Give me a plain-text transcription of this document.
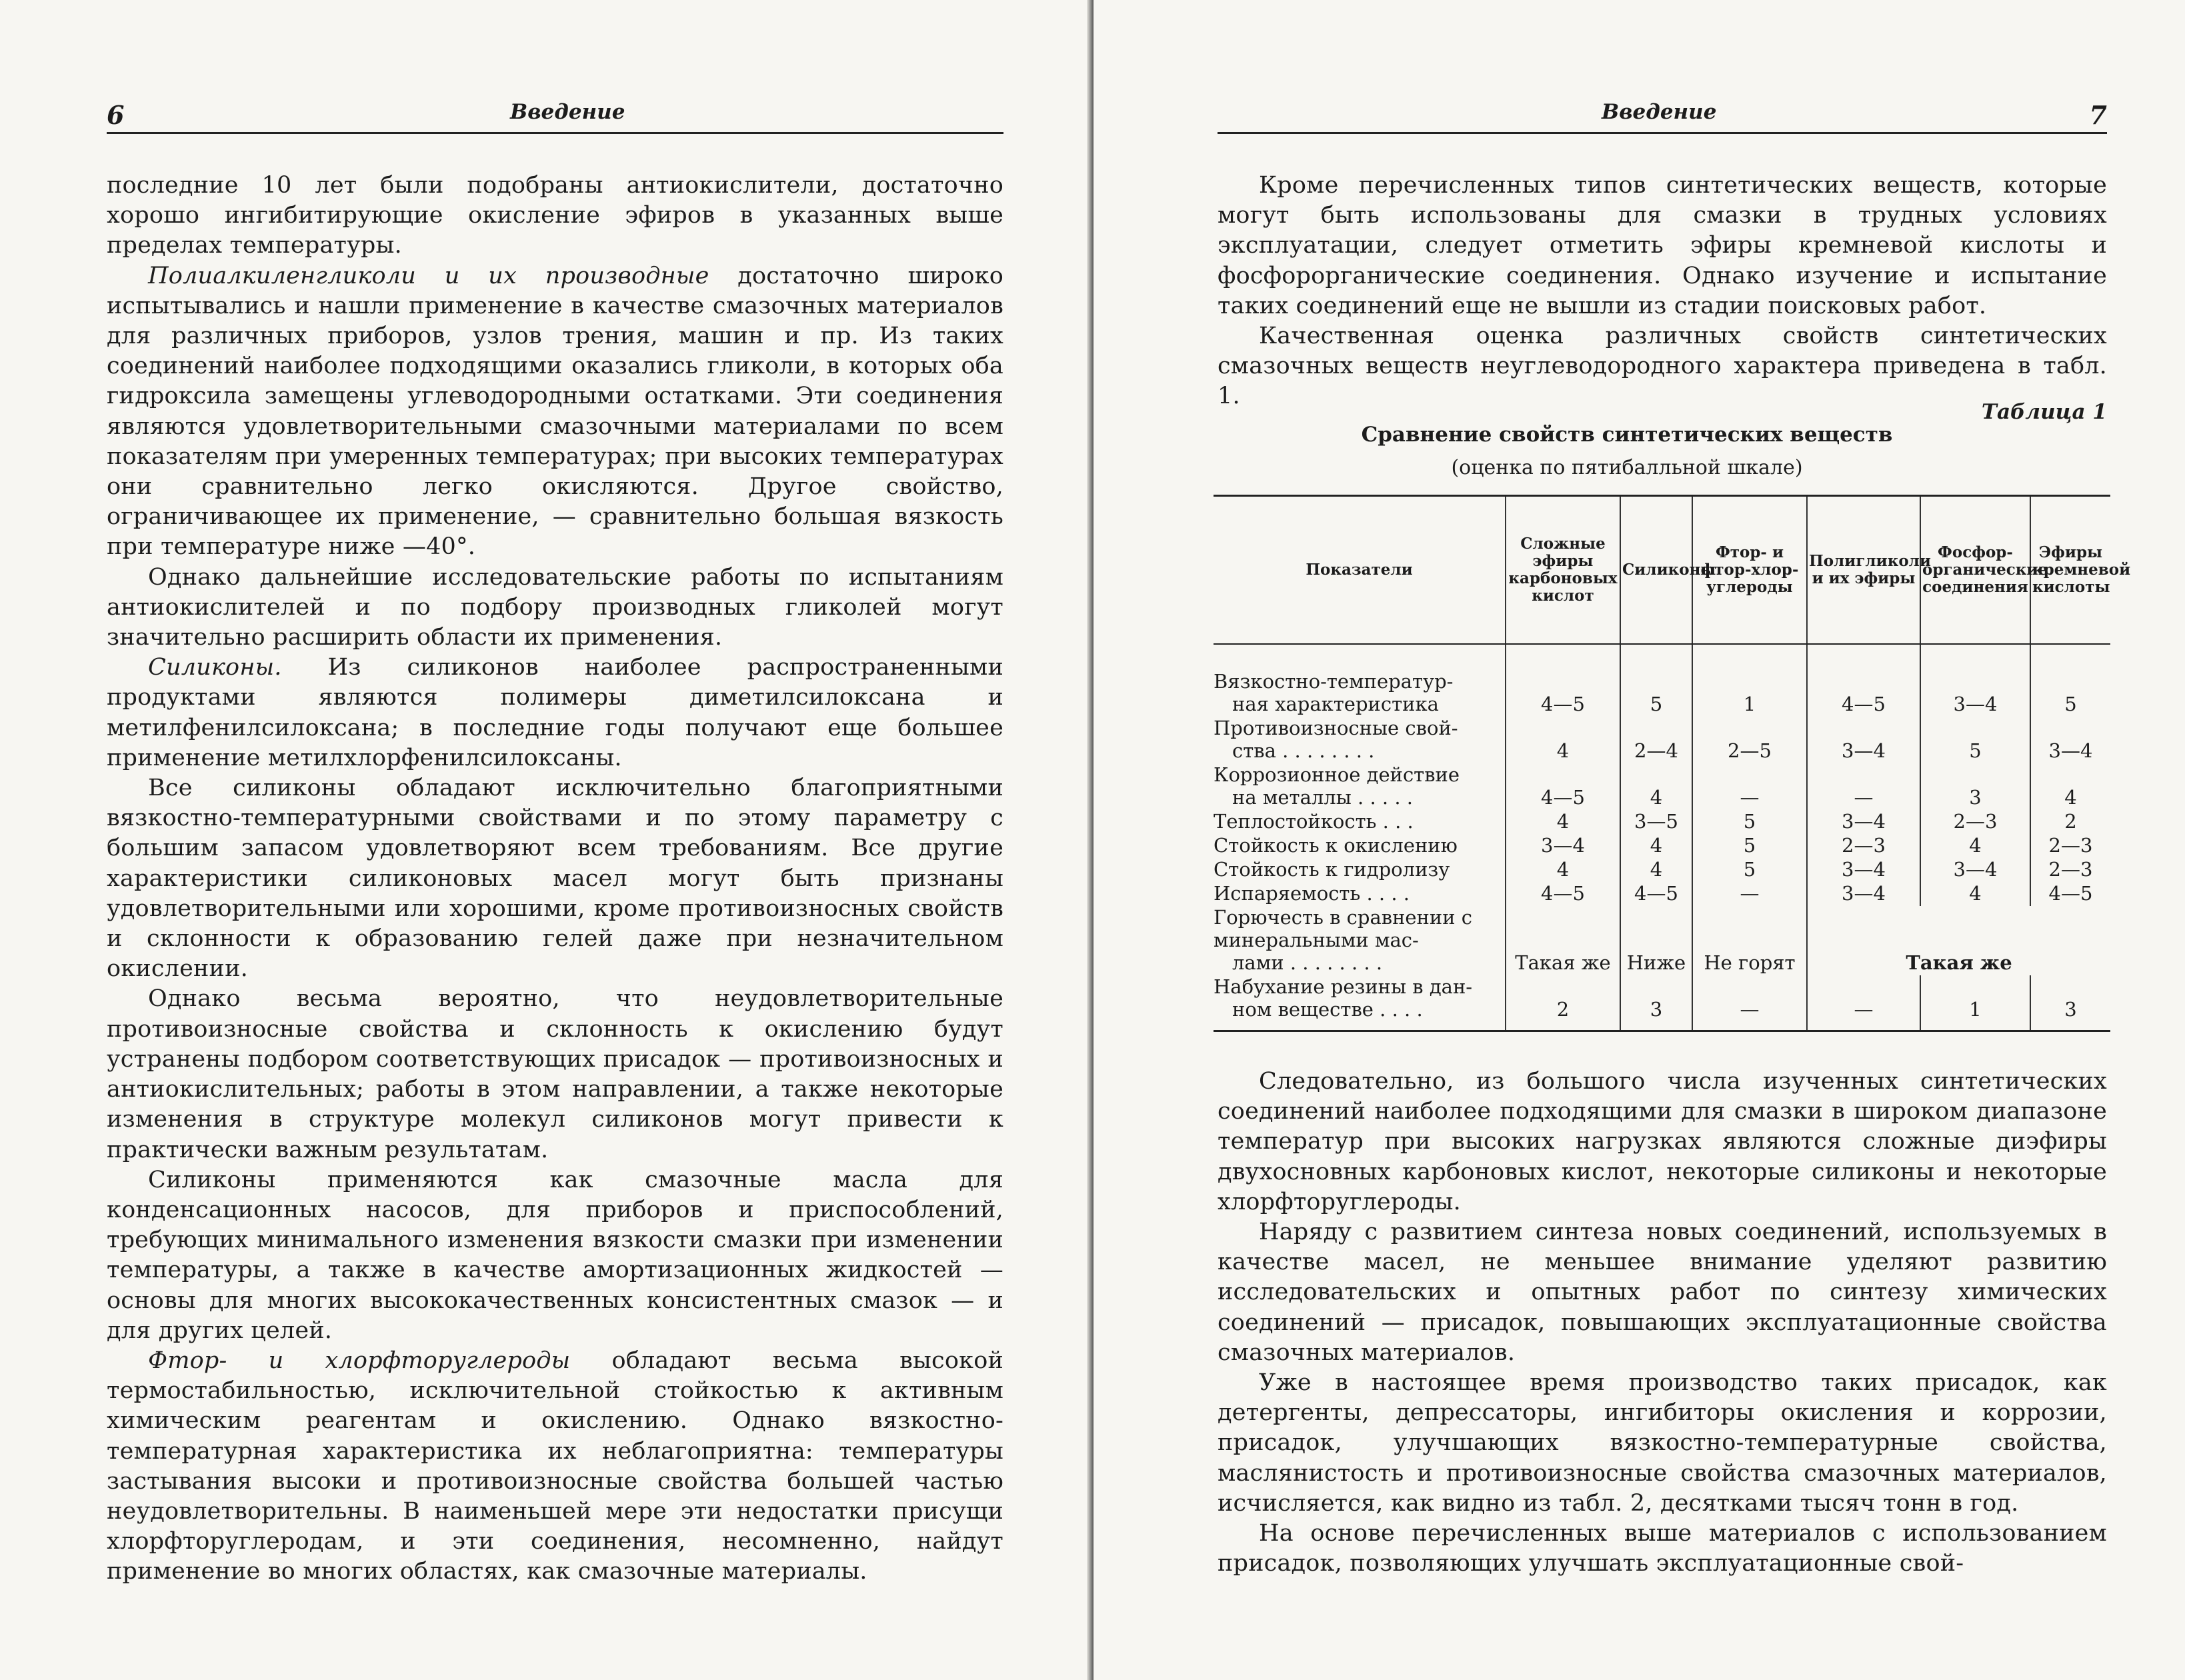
6	Введение

последние 10 лет были подобраны антиокислители, достаточно хорошо ингибитирующие окисление эфиров в указанных выше пределах температуры.

Полиалкиленгликоли и их производные достаточно широко испытывались и нашли применение в качестве смазочных материалов для различных приборов, узлов трения, машин и пр. Из таких соединений наиболее подходящими оказались гликоли, в которых оба гидроксила замещены углеводородными остатками. Эти соединения являются удовлетворительными смазочными материалами по всем показателям при умеренных температурах; при высоких температурах они сравнительно легко окисляются. Другое свойство, ограничивающее их применение, — сравнительно большая вязкость при температуре ниже —40°.

Однако дальнейшие исследовательские работы по испытаниям антиокислителей и по подбору производных гликолей могут значительно расширить области их применения.

Силиконы. Из силиконов наиболее распространенными продуктами являются полимеры диметилсилоксана и метилфенилсилоксана; в последние годы получают еще большее применение метилхлорфенилсилоксаны.

Все силиконы обладают исключительно благоприятными вязкостно-температурными свойствами и по этому параметру с большим запасом удовлетворяют всем требованиям. Все другие характеристики силиконовых масел могут быть признаны удовлетворительными или хорошими, кроме противоизносных свойств и склонности к образованию гелей даже при незначительном окислении.

Однако весьма вероятно, что неудовлетворительные противоизносные свойства и склонность к окислению будут устранены подбором соответствующих присадок — противоизносных и антиокислительных; работы в этом направлении, а также некоторые изменения в структуре молекул силиконов могут привести к практически важным результатам.

Силиконы применяются как смазочные масла для конденсационных насосов, для приборов и приспособлений, требующих минимального изменения вязкости смазки при изменении температуры, а также в качестве амортизационных жидкостей — основы для многих высококачественных консистентных смазок — и для других целей.

Фтор- и хлорфторуглероды обладают весьма высокой термостабильностью, исключительной стойкостью к активным химическим реагентам и окислению. Однако вязкостно-температурная характеристика их неблагоприятна: температуры застывания высоки и противоизносные свойства большей частью неудовлетворительны. В наименьшей мере эти недостатки присущи хлорфторуглеродам, и эти соединения, несомненно, найдут применение во многих областях, как смазочные материалы.

Введение	7

Кроме перечисленных типов синтетических веществ, которые могут быть использованы для смазки в трудных условиях эксплуатации, следует отметить эфиры кремневой кислоты и фосфорорганические соединения. Однако изучение и испытание таких соединений еще не вышли из стадии поисковых работ.

Качественная оценка различных свойств синтетических смазочных веществ неуглеводородного характера приведена в табл. 1.

Таблица 1
Сравнение свойств синтетических веществ
(оценка по пятибалльной шкале)
Показатели	Сложные эфиры карбоновых кислот	Силиконы	Фтор- и фтор-хлор-углероды	Полигликоли и их эфиры	Фосфор-органические соединения	Эфиры кремневой кислоты
Вязкостно-температур-
ная характеристика	4—5	5	1	4—5	3—4	5
Противоизносные свой-
ства . . . . . . . .	4	2—4	2—5	3—4	5	3—4
Коррозионное действие
на металлы . . . . .	4—5	4	—	—	3	4
Теплостойкость . . .	4	3—5	5	3—4	2—3	2
Стойкость к окислению	3—4	4	5	2—3	4	2—3
Стойкость к гидролизу	4	4	5	3—4	3—4	2—3
Испаряемость . . . .	4—5	4—5	—	3—4	4	4—5
Горючесть в сравнении с минеральными мас-
лами . . . . . . . .	Такая же	Ниже	Не горят	Такая же		
Набухание резины в дан-
ном веществе . . . .	2	3	—	—	1	3

Следовательно, из большого числа изученных синтетических соединений наиболее подходящими для смазки в широком диапазоне температур при высоких нагрузках являются сложные диэфиры двухосновных карбоновых кислот, некоторые силиконы и некоторые хлорфторуглероды.

Наряду с развитием синтеза новых соединений, используемых в качестве масел, не меньшее внимание уделяют развитию исследовательских и опытных работ по синтезу химических соединений — присадок, повышающих эксплуатационные свойства смазочных материалов.

Уже в настоящее время производство таких присадок, как детергенты, депрессаторы, ингибиторы окисления и коррозии, присадок, улучшающих вязкостно-температурные свойства, маслянистость и противоизносные свойства смазочных материалов, исчисляется, как видно из табл. 2, десятками тысяч тонн в год.

На основе перечисленных выше материалов с использованием присадок, позволяющих улучшать эксплуатационные свой-
